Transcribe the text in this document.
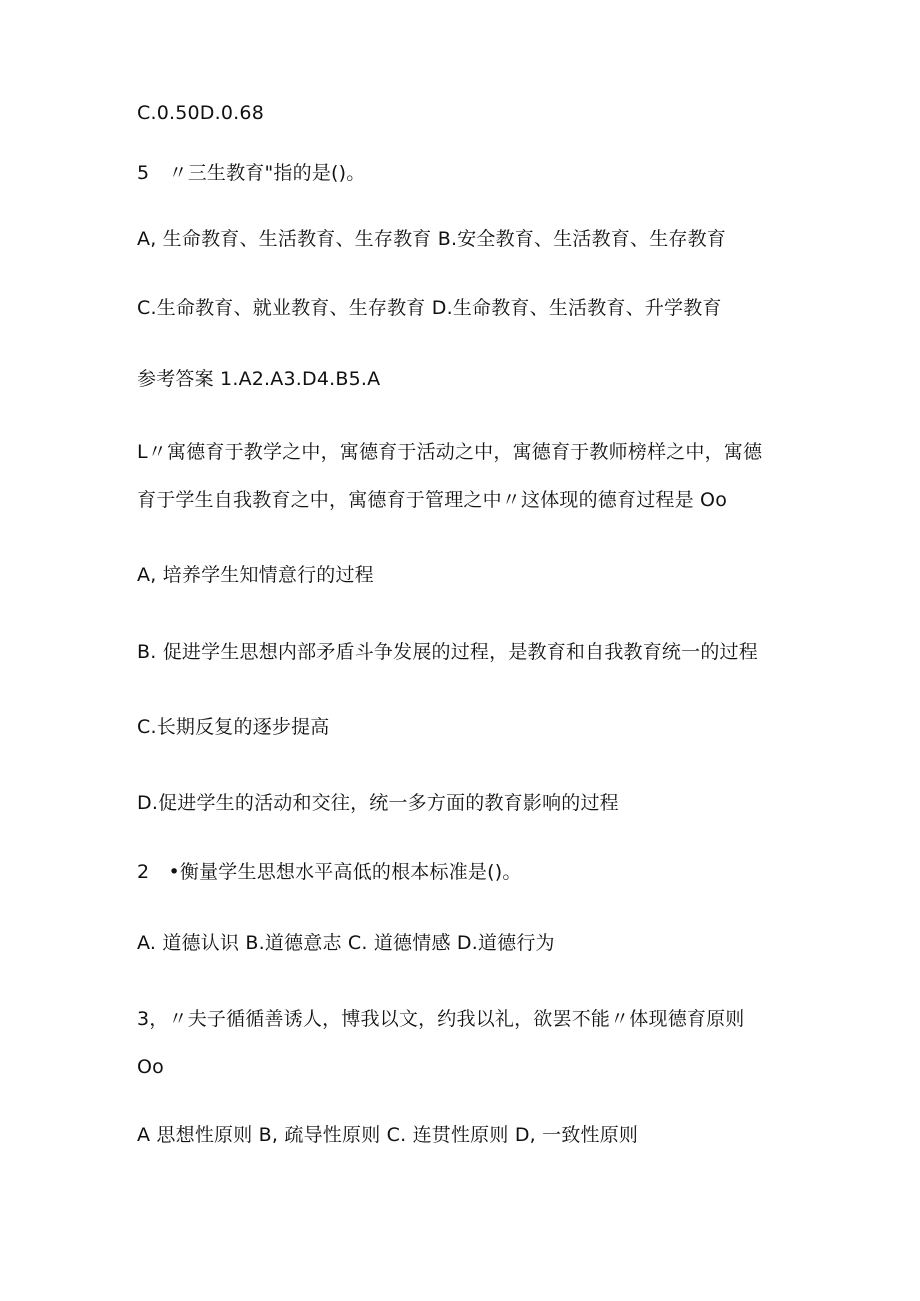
C.0.50D.0.68
5　〃三生教育"指的是()。
A, 生命教育、生活教育、生存教育 B.安全教育、生活教育、生存教育
C.生命教育、就业教育、生存教育 D.生命教育、生活教育、升学教育
参考答案 1.A2.A3.D4.B5.A
L〃寓德育于教学之中，寓德育于活动之中，寓德育于教师榜样之中，寓德
育于学生自我教育之中，寓德育于管理之中〃这体现的德育过程是 Oo
A, 培养学生知情意行的过程
B. 促进学生思想内部矛盾斗争发展的过程，是教育和自我教育统一的过程
C.长期反复的逐步提高
D.促进学生的活动和交往，统一多方面的教育影响的过程
2　•衡量学生思想水平高低的根本标准是()。
A. 道德认识 B.道德意志 C. 道德情感 D.道德行为
3，〃夫子循循善诱人，博我以文，约我以礼，欲罢不能〃体现德育原则
Oo
A 思想性原则 B, 疏导性原则 C. 连贯性原则 D, 一致性原则
